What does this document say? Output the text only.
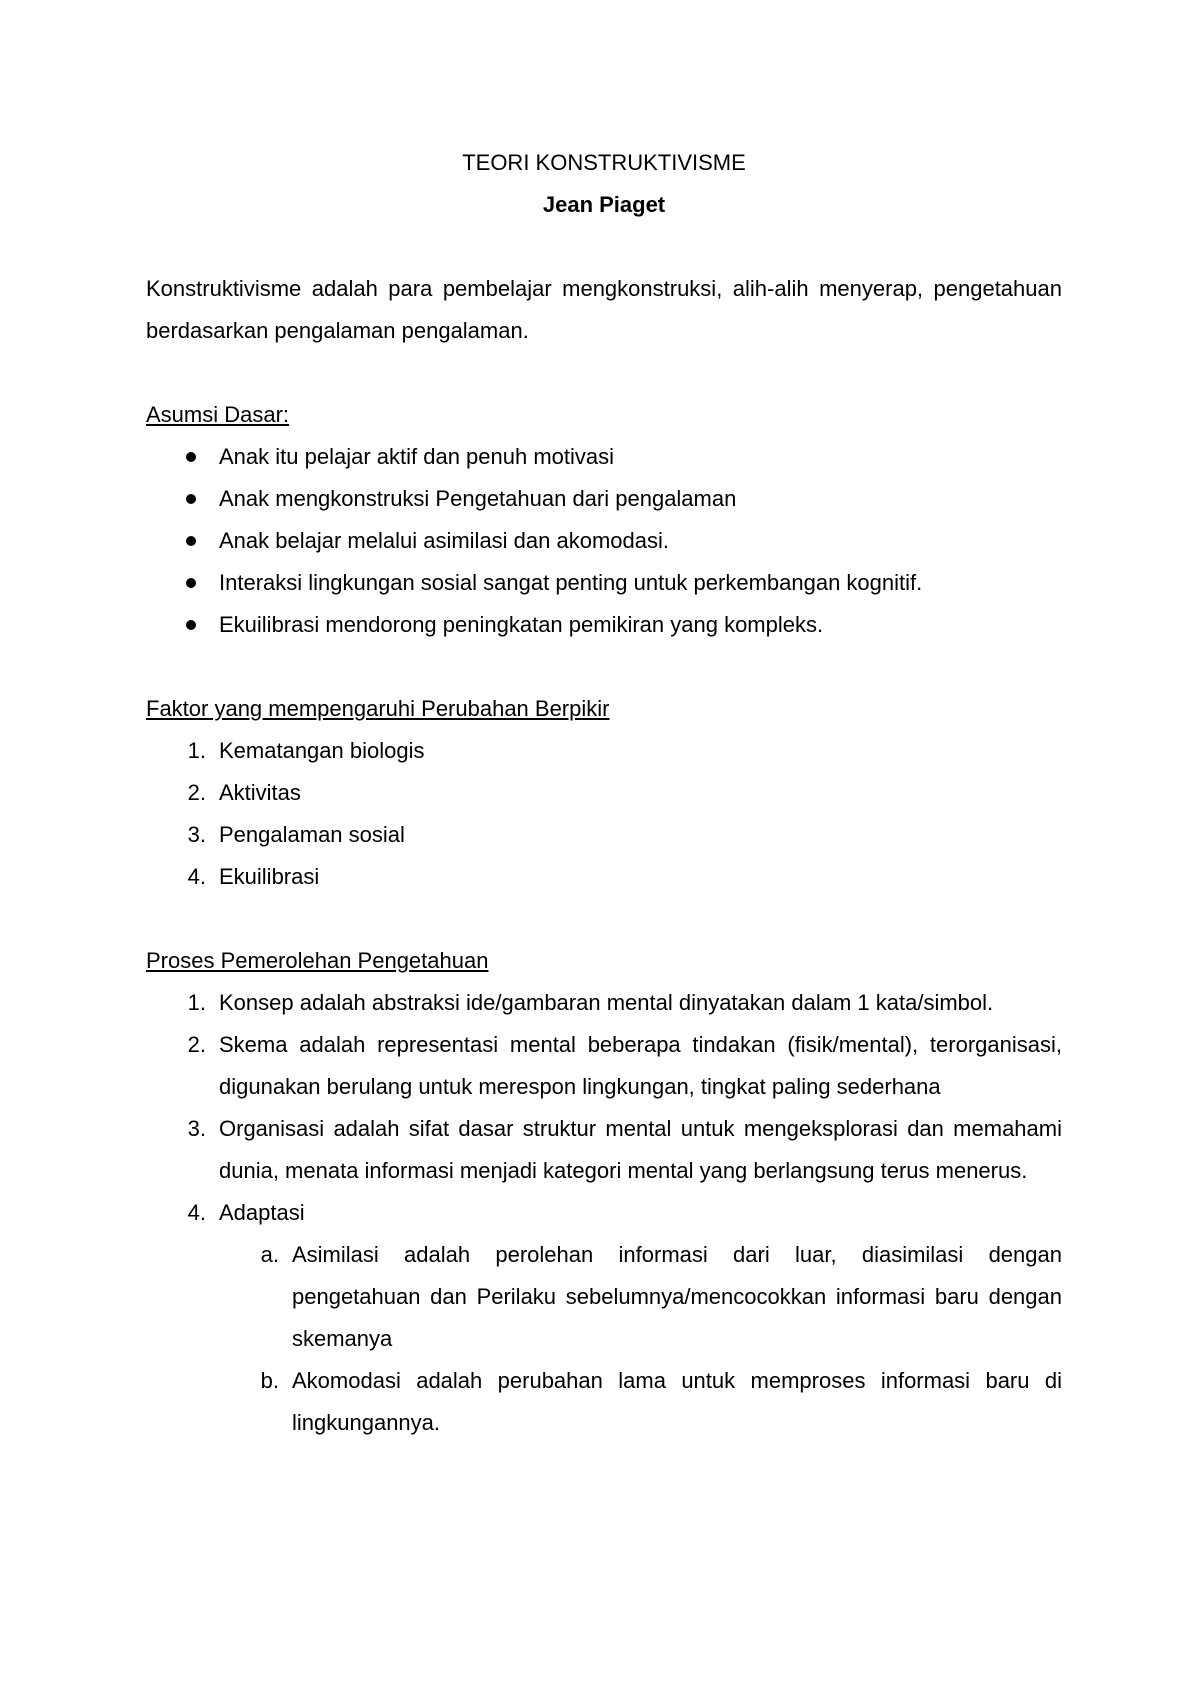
TEORI KONSTRUKTIVISME
Jean Piaget

Konstruktivisme adalah para pembelajar mengkonstruksi, alih-alih menyerap, pengetahuan berdasarkan pengalaman pengalaman.

Asumsi Dasar:

Anak itu pelajar aktif dan penuh motivasi
Anak mengkonstruksi Pengetahuan dari pengalaman
Anak belajar melalui asimilasi dan akomodasi.
Interaksi lingkungan sosial sangat penting untuk perkembangan kognitif.
Ekuilibrasi mendorong peningkatan pemikiran yang kompleks.

Faktor yang mempengaruhi Perubahan Berpikir

1. Kematangan biologis
2. Aktivitas
3. Pengalaman sosial
4. Ekuilibrasi

Proses Pemerolehan Pengetahuan

1. Konsep adalah abstraksi ide/gambaran mental dinyatakan dalam 1 kata/simbol.
2. Skema adalah representasi mental beberapa tindakan (fisik/mental), terorganisasi, digunakan berulang untuk merespon lingkungan, tingkat paling sederhana
3. Organisasi adalah sifat dasar struktur mental untuk mengeksplorasi dan memahami dunia, menata informasi menjadi kategori mental yang berlangsung terus menerus.
4. Adaptasi
a. Asimilasi adalah perolehan informasi dari luar, diasimilasi dengan pengetahuan dan Perilaku sebelumnya/mencocokkan informasi baru dengan skemanya
b. Akomodasi adalah perubahan lama untuk memproses informasi baru di lingkungannya.
